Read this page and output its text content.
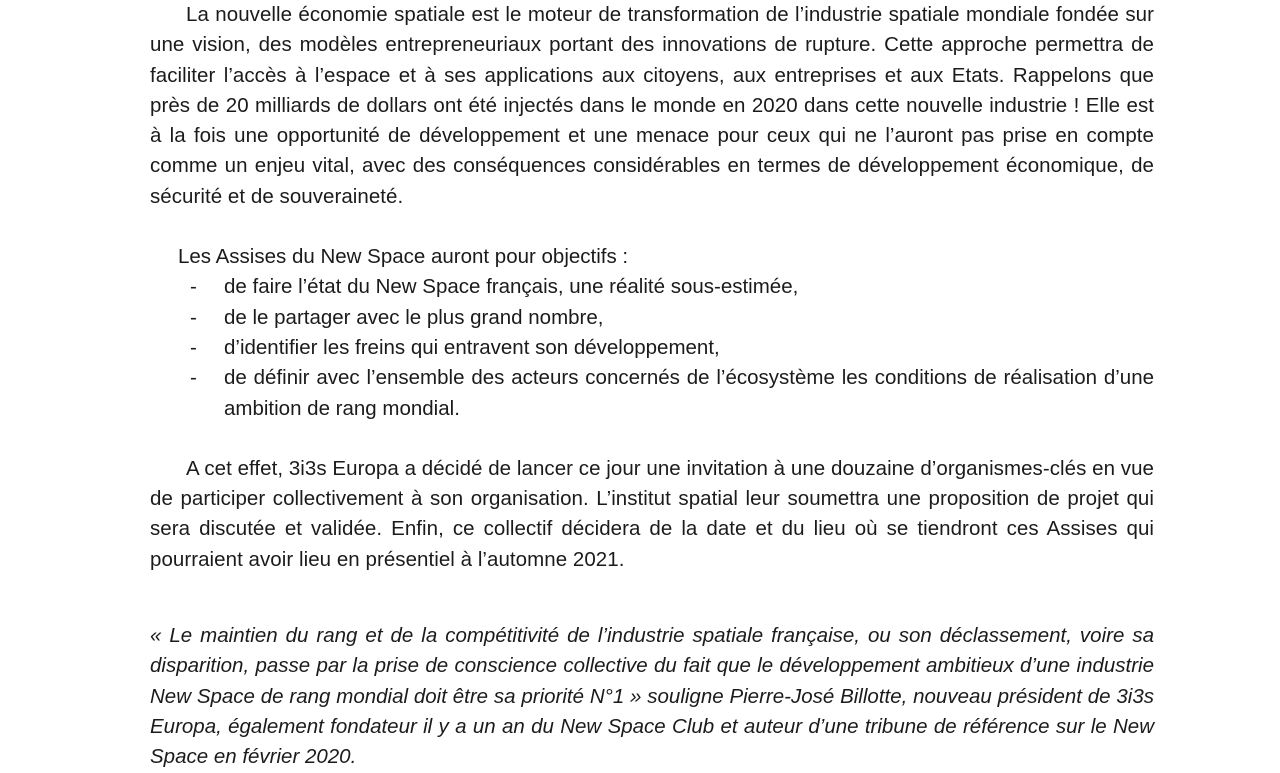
La nouvelle économie spatiale est le moteur de transformation de l’industrie spatiale mondiale fondée sur une vision, des modèles entrepreneuriaux portant des innovations de rupture. Cette approche permettra de faciliter l’accès à l’espace et à ses applications aux citoyens, aux entreprises et aux Etats. Rappelons que près de 20 milliards de dollars ont été injectés dans le monde en 2020 dans cette nouvelle industrie ! Elle est à la fois une opportunité de développement et une menace pour ceux qui ne l’auront pas prise en compte comme un enjeu vital, avec des conséquences considérables en termes de développement économique, de sécurité et de souveraineté.

Les Assises du New Space auront pour objectifs :

- de faire l’état du New Space français, une réalité sous-estimée,
- de le partager avec le plus grand nombre,
- d’identifier les freins qui entravent son développement,
- de définir avec l’ensemble des acteurs concernés de l’écosystème les conditions de réalisation d’une ambition de rang mondial.

A cet effet, 3i3s Europa a décidé de lancer ce jour une invitation à une douzaine d’organismes-clés en vue de participer collectivement à son organisation. L’institut spatial leur soumettra une proposition de projet qui sera discutée et validée. Enfin, ce collectif décidera de la date et du lieu où se tiendront ces Assises qui pourraient avoir lieu en présentiel à l’automne 2021.

« Le maintien du rang et de la compétitivité de l’industrie spatiale française, ou son déclassement, voire sa disparition, passe par la prise de conscience collective du fait que le développement ambitieux d’une industrie New Space de rang mondial doit être sa priorité N°1 » souligne Pierre-José Billotte, nouveau président de 3i3s Europa, également fondateur il y a un an du New Space Club et auteur d’une tribune de référence sur le New Space en février 2020.
